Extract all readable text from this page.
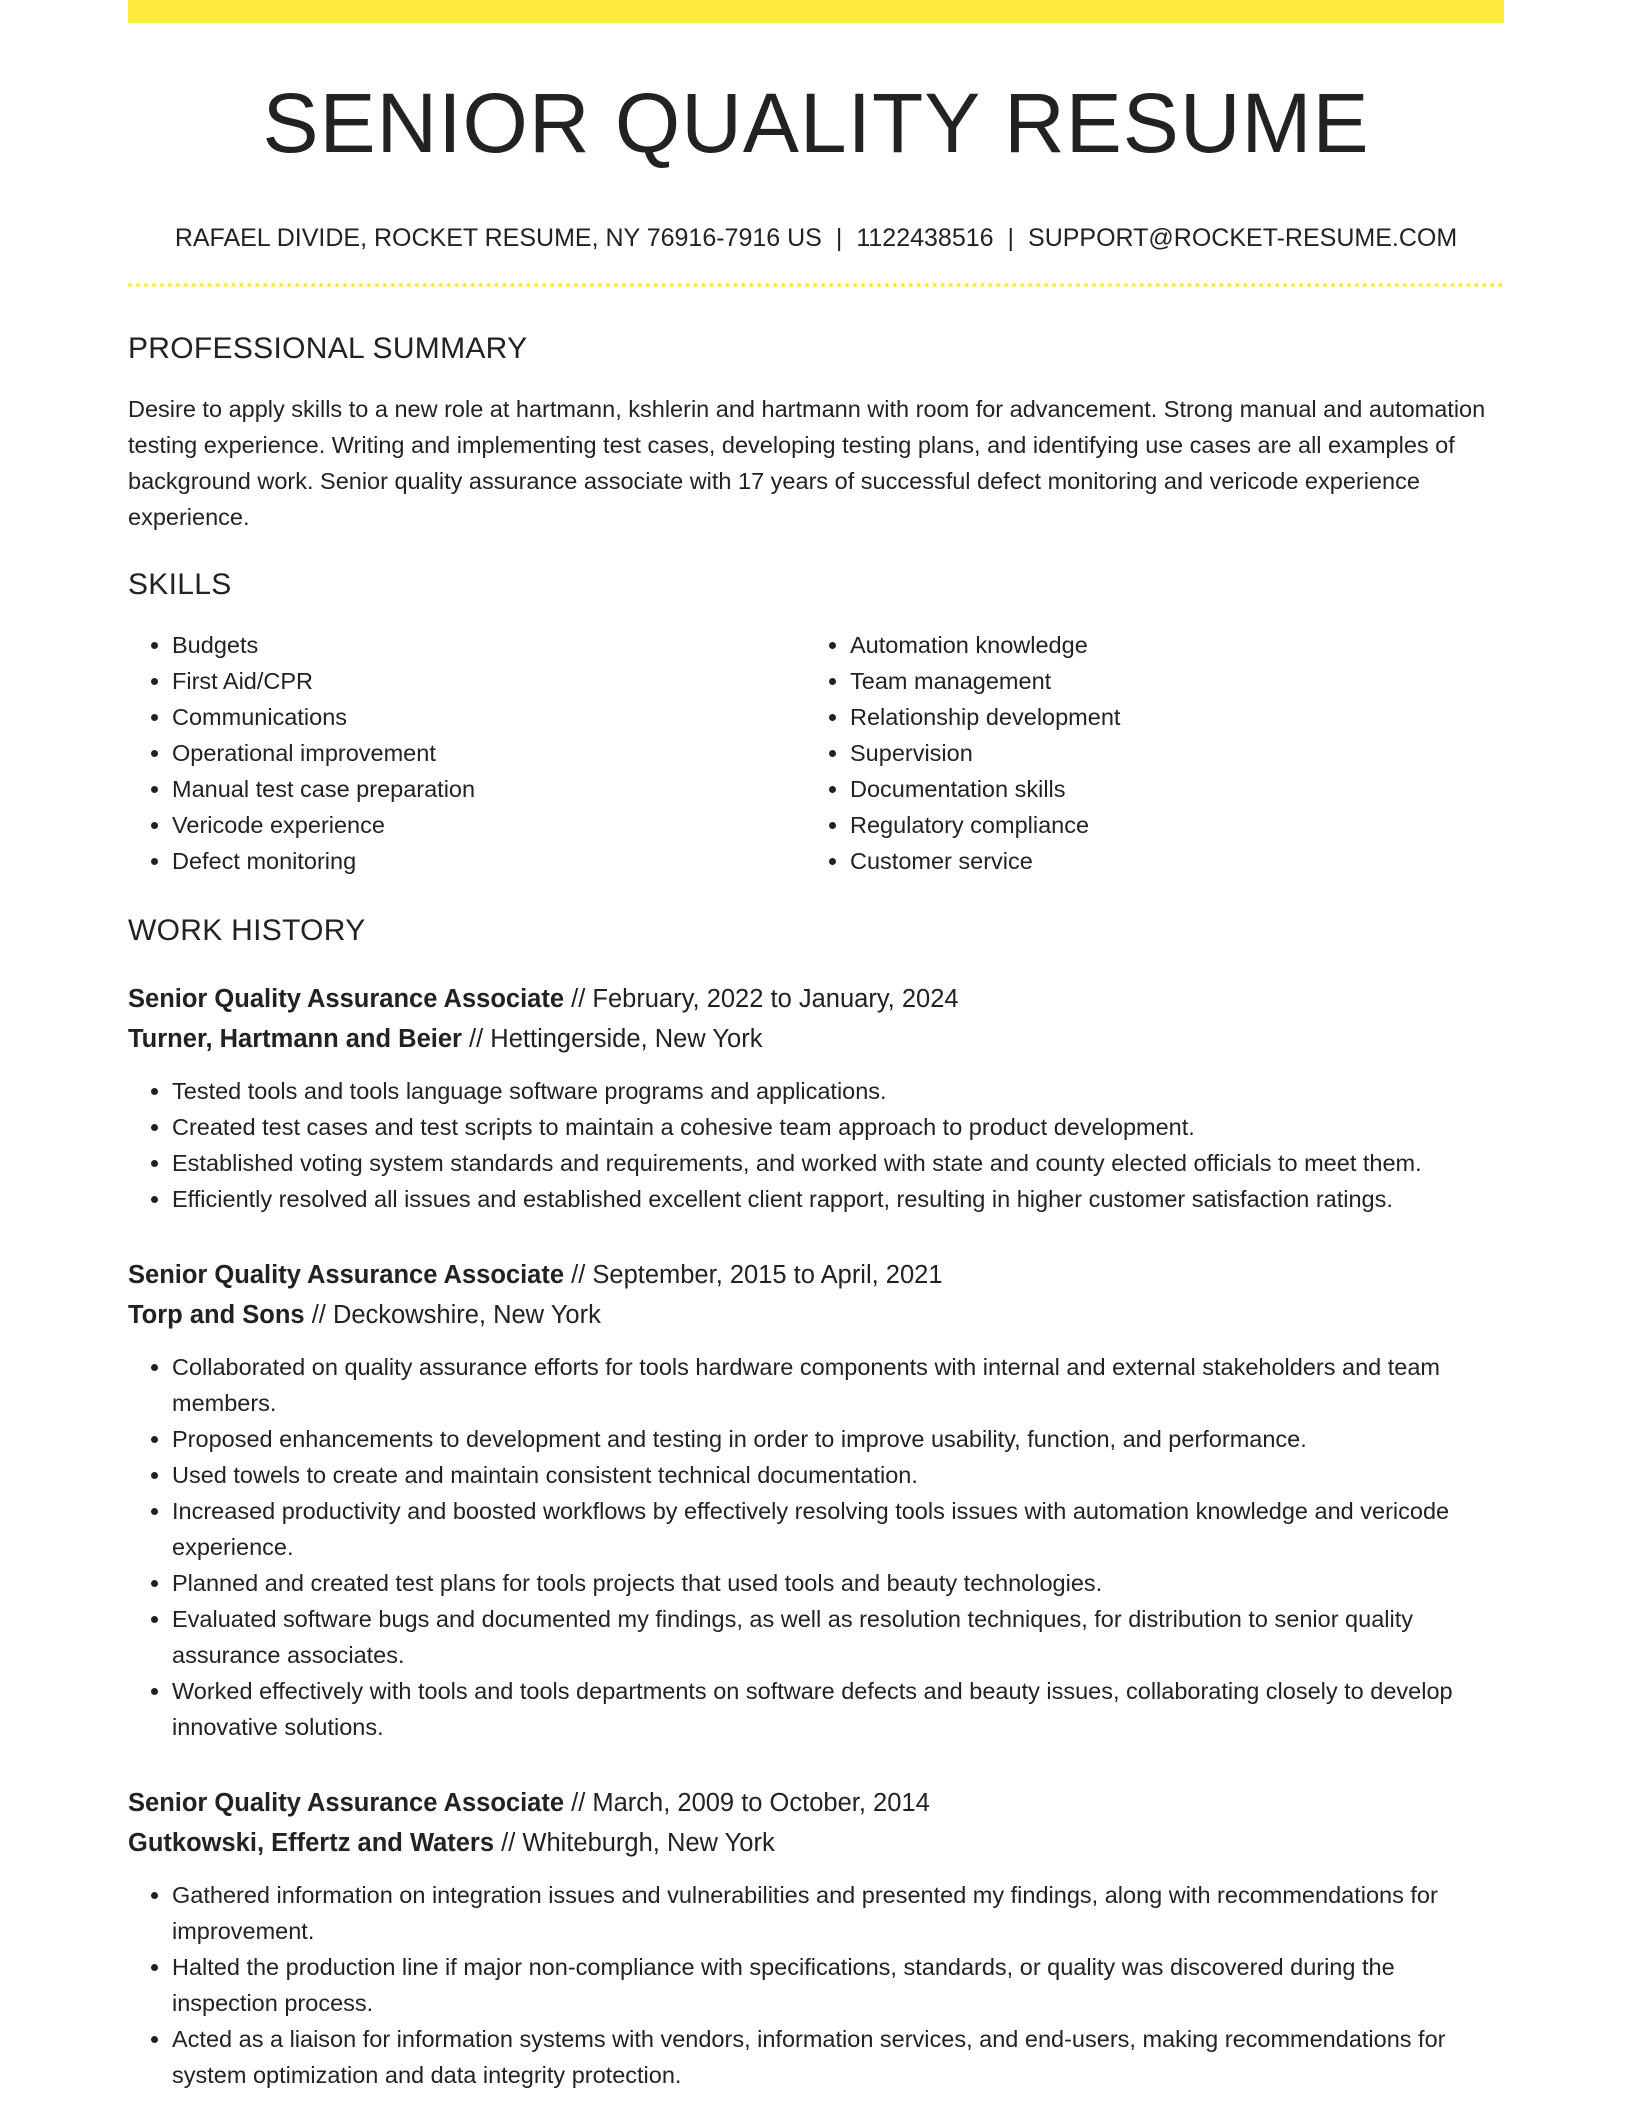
SENIOR QUALITY RESUME
RAFAEL DIVIDE, ROCKET RESUME, NY 76916-7916 US | 1122438516 | SUPPORT@ROCKET-RESUME.COM
PROFESSIONAL SUMMARY

Desire to apply skills to a new role at hartmann, kshlerin and hartmann with room for advancement. Strong manual and automation testing experience. Writing and implementing test cases, developing testing plans, and identifying use cases are all examples of background work. Senior quality assurance associate with 17 years of successful defect monitoring and vericode experience experience.

SKILLS
• Budgets
• First Aid/CPR
• Communications
• Operational improvement
• Manual test case preparation
• Vericode experience
• Defect monitoring
• Automation knowledge
• Team management
• Relationship development
• Supervision
• Documentation skills
• Regulatory compliance
• Customer service
WORK HISTORY
Senior Quality Assurance Associate // February, 2022 to January, 2024
Turner, Hartmann and Beier // Hettingerside, New York
• Tested tools and tools language software programs and applications.
• Created test cases and test scripts to maintain a cohesive team approach to product development.
• Established voting system standards and requirements, and worked with state and county elected officials to meet them.
• Efficiently resolved all issues and established excellent client rapport, resulting in higher customer satisfaction ratings.
Senior Quality Assurance Associate // September, 2015 to April, 2021
Torp and Sons // Deckowshire, New York
• Collaborated on quality assurance efforts for tools hardware components with internal and external stakeholders and team members.
• Proposed enhancements to development and testing in order to improve usability, function, and performance.
• Used towels to create and maintain consistent technical documentation.
• Increased productivity and boosted workflows by effectively resolving tools issues with automation knowledge and vericode experience.
• Planned and created test plans for tools projects that used tools and beauty technologies.
• Evaluated software bugs and documented my findings, as well as resolution techniques, for distribution to senior quality assurance associates.
• Worked effectively with tools and tools departments on software defects and beauty issues, collaborating closely to develop innovative solutions.
Senior Quality Assurance Associate // March, 2009 to October, 2014
Gutkowski, Effertz and Waters // Whiteburgh, New York
• Gathered information on integration issues and vulnerabilities and presented my findings, along with recommendations for improvement.
• Halted the production line if major non-compliance with specifications, standards, or quality was discovered during the inspection process.
• Acted as a liaison for information systems with vendors, information services, and end-users, making recommendations for system optimization and data integrity protection.
